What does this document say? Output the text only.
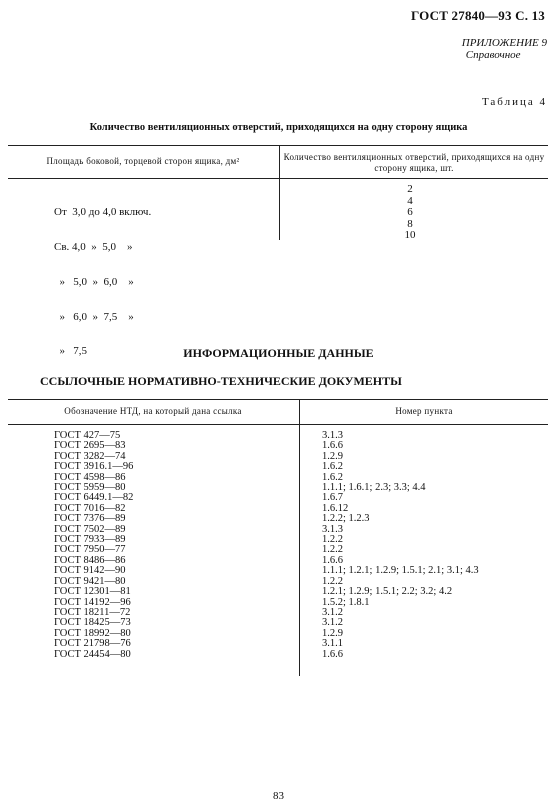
ГОСТ 27840—93 С. 13
ПРИЛОЖЕНИЕ 9
Справочное
Таблица 4
Количество вентиляционных отверстий, приходящихся на одну сторону ящика
Площадь боковой, торцевой сторон ящика, дм²	Количество вентиляционных отверстий, приходящихся на одну сторону ящика, шт.

От  3,0 до 4,0 включ.

Св. 4,0  »  5,0    »

»   5,0  »  6,0    »

»   6,0  »  7,5    »

»   7,5

2
4
6
8
10
ИНФОРМАЦИОННЫЕ ДАННЫЕ
ССЫЛОЧНЫЕ НОРМАТИВНО-ТЕХНИЧЕСКИЕ ДОКУМЕНТЫ
Обозначение НТД, на который дана ссылка	Номер пункта
ГОСТ 427—75
ГОСТ 2695—83
ГОСТ 3282—74
ГОСТ 3916.1—96
ГОСТ 4598—86
ГОСТ 5959—80
ГОСТ 6449.1—82
ГОСТ 7016—82
ГОСТ 7376—89
ГОСТ 7502—89
ГОСТ 7933—89
ГОСТ 7950—77
ГОСТ 8486—86
ГОСТ 9142—90
ГОСТ 9421—80
ГОСТ 12301—81
ГОСТ 14192—96
ГОСТ 18211—72
ГОСТ 18425—73
ГОСТ 18992—80
ГОСТ 21798—76
ГОСТ 24454—80
3.1.3
1.6.6
1.2.9
1.6.2
1.6.2
1.1.1; 1.6.1; 2.3; 3.3; 4.4
1.6.7
1.6.12
1.2.2; 1.2.3
3.1.3
1.2.2
1.2.2
1.6.6
1.1.1; 1.2.1; 1.2.9; 1.5.1; 2.1; 3.1; 4.3
1.2.2
1.2.1; 1.2.9; 1.5.1; 2.2; 3.2; 4.2
1.5.2; 1.8.1
3.1.2
3.1.2
1.2.9
3.1.1
1.6.6
83
